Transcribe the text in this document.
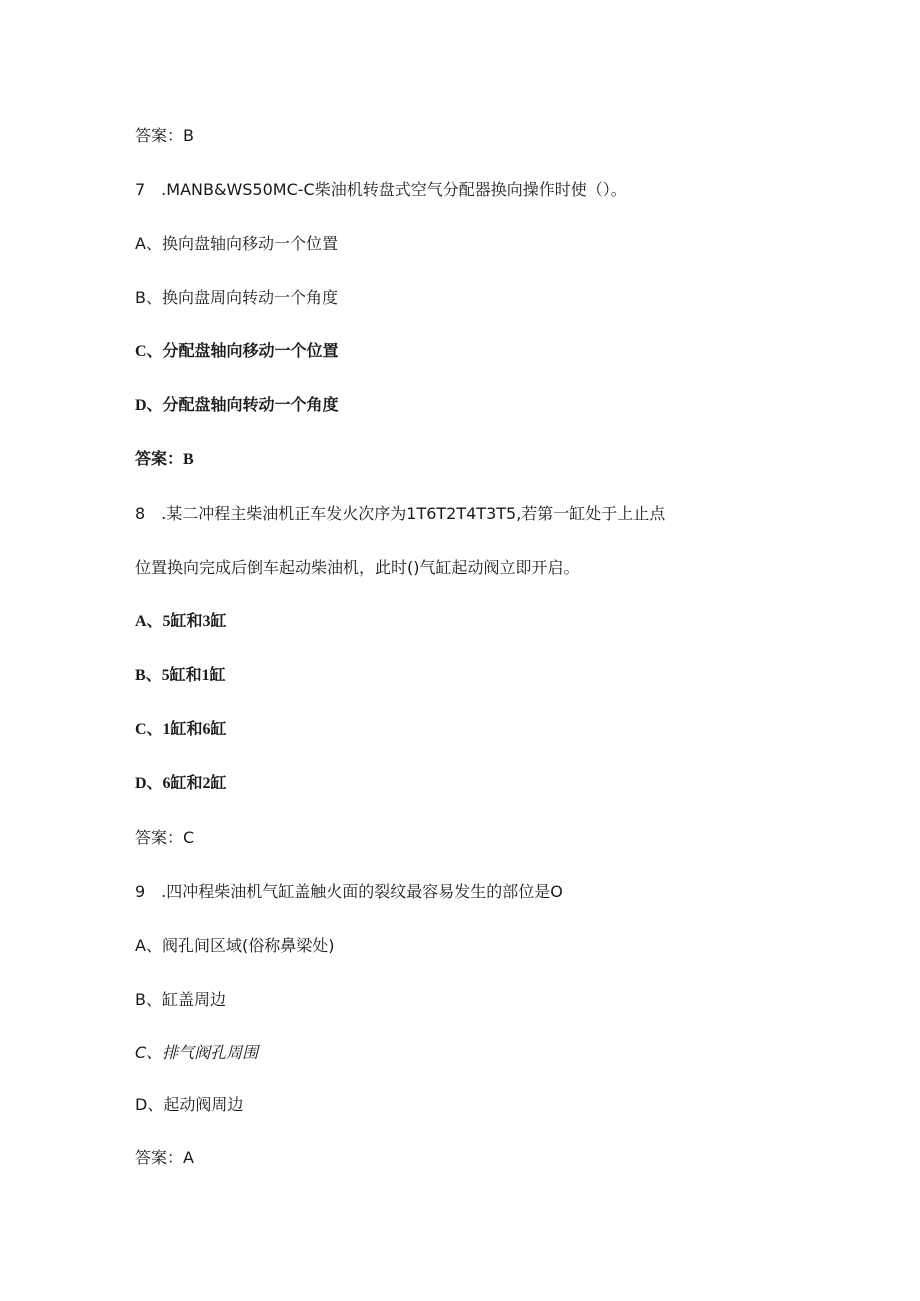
答案：B
7 .MANB&WS50MC-C柴油机转盘式空气分配器换向操作时使（）。
A、换向盘轴向移动一个位置
B、换向盘周向转动一个角度
C、分配盘轴向移动一个位置
D、分配盘轴向转动一个角度
答案：B
8 .某二冲程主柴油机正车发火次序为1T6T2T4T3T5,若第一缸处于上止点
位置换向完成后倒车起动柴油机，此时()气缸起动阀立即开启。
A、5缸和3缸
B、5缸和1缸
C、1缸和6缸
D、6缸和2缸
答案：C
9 .四冲程柴油机气缸盖触火面的裂纹最容易发生的部位是O
A、阀孔间区域(俗称鼻梁处)
B、缸盖周边
C、排气阀孔周围
D、起动阀周边
答案：A
